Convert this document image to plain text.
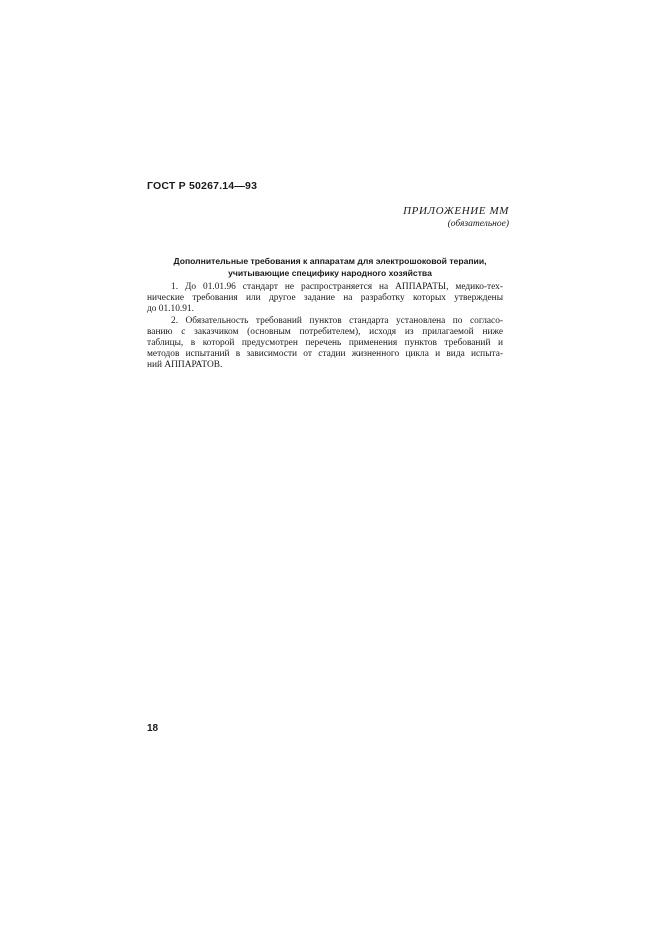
ГОСТ Р 50267.14—93
ПРИЛОЖЕНИЕ ММ
(обязательное)
Дополнительные требования к аппаратам для электрошоковой терапии,
учитывающие специфику народного хозяйства

1. До 01.01.96 стандарт не распространяется на АППАРАТЫ, медико-тех-
нические требования или другое задание на разработку которых утверждены
до 01.10.91.

2. Обязательность требований пунктов стандарта установлена по согласо-
ванию с заказчиком (основным потребителем), исходя из прилагаемой ниже
таблицы, в которой предусмотрен перечень применения пунктов требований и
методов испытаний в зависимости от стадии жизненного цикла и вида испыта-
ний АППАРАТОВ.

18
